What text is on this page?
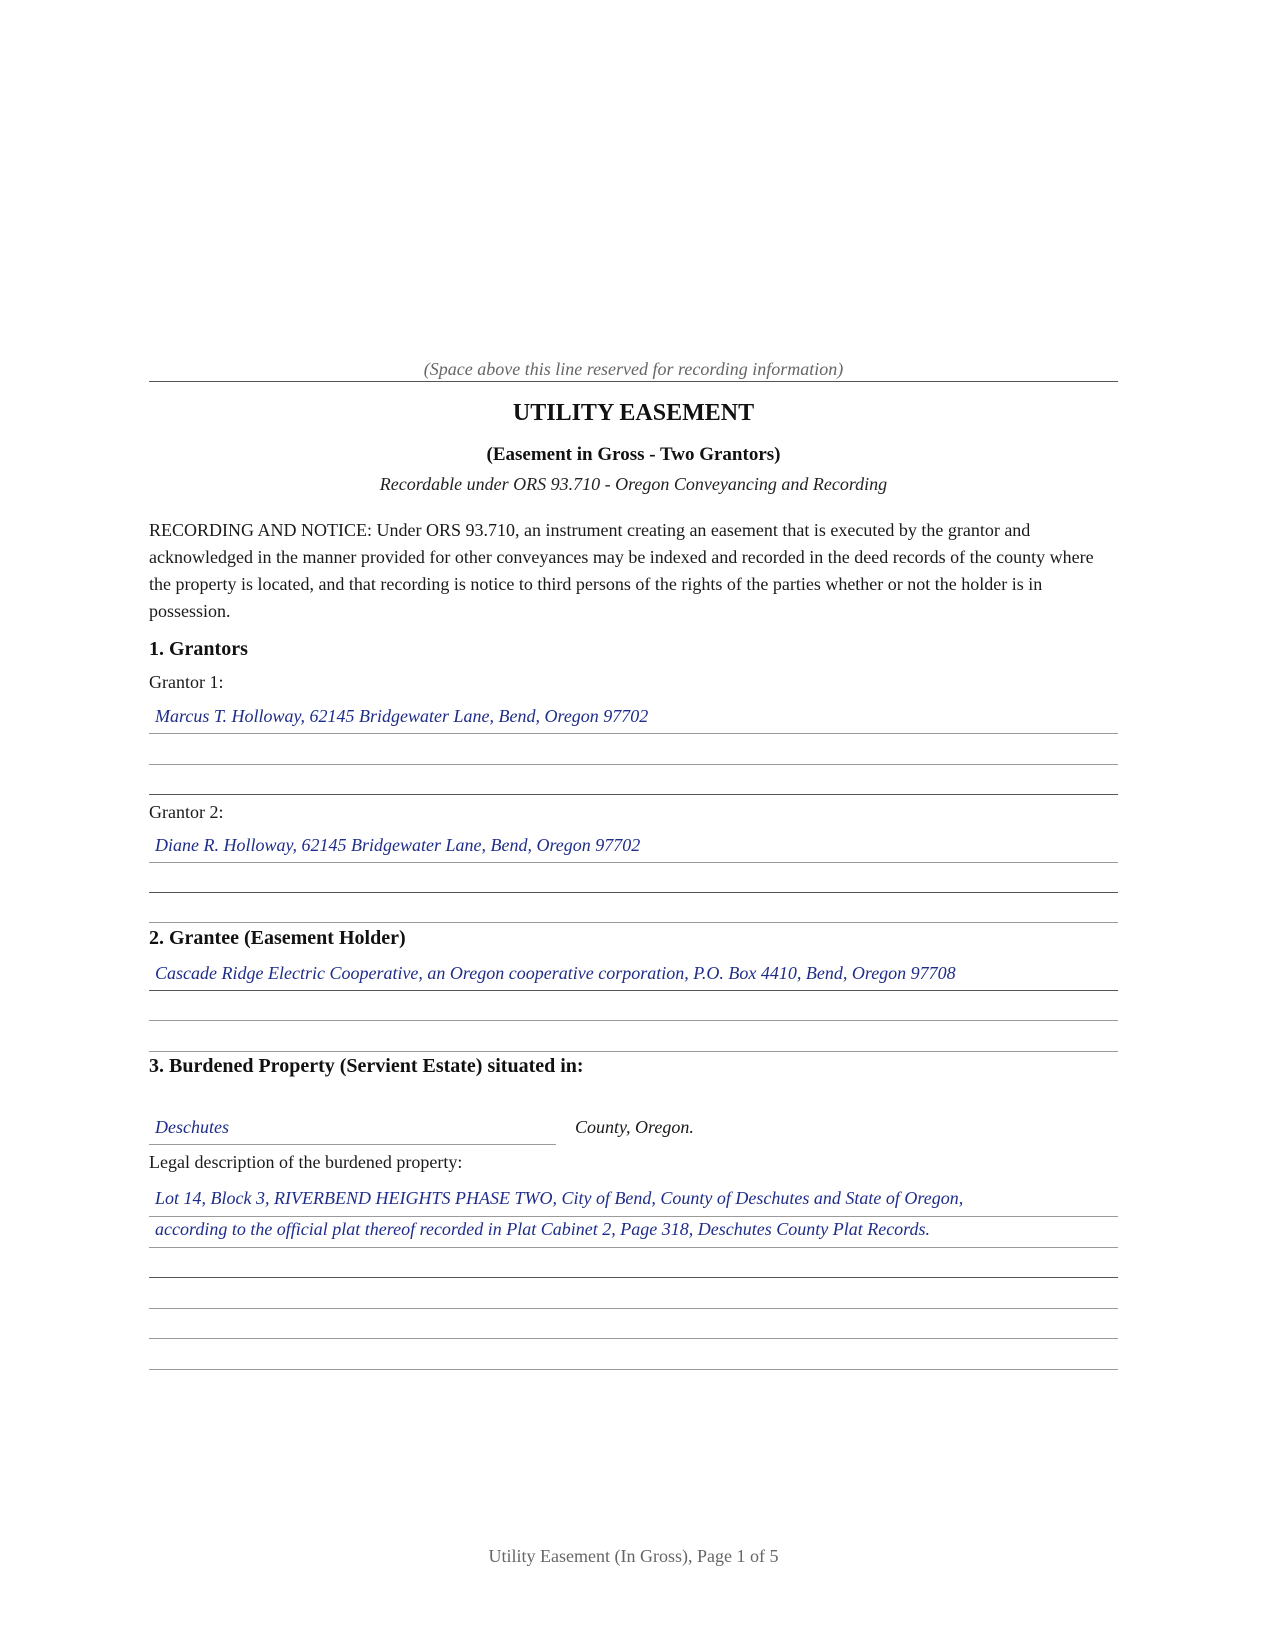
(Space above this line reserved for recording information)
UTILITY EASEMENT
(Easement in Gross - Two Grantors)
Recordable under ORS 93.710 - Oregon Conveyancing and Recording
RECORDING AND NOTICE: Under ORS 93.710, an instrument creating an easement that is executed by the grantor and acknowledged in the manner provided for other conveyances may be indexed and recorded in the deed records of the county where the property is located, and that recording is notice to third persons of the rights of the parties whether or not the holder is in possession.
1. Grantors
Grantor 1:
Marcus T. Holloway, 62145 Bridgewater Lane, Bend, Oregon 97702
Grantor 2:
Diane R. Holloway, 62145 Bridgewater Lane, Bend, Oregon 97702
2. Grantee (Easement Holder)
Cascade Ridge Electric Cooperative, an Oregon cooperative corporation, P.O. Box 4410, Bend, Oregon 97708
3. Burdened Property (Servient Estate) situated in:
Deschutes	County, Oregon.
Legal description of the burdened property:
Lot 14, Block 3, RIVERBEND HEIGHTS PHASE TWO, City of Bend, County of Deschutes and State of Oregon,
according to the official plat thereof recorded in Plat Cabinet 2, Page 318, Deschutes County Plat Records.
Utility Easement (In Gross), Page 1 of 5
